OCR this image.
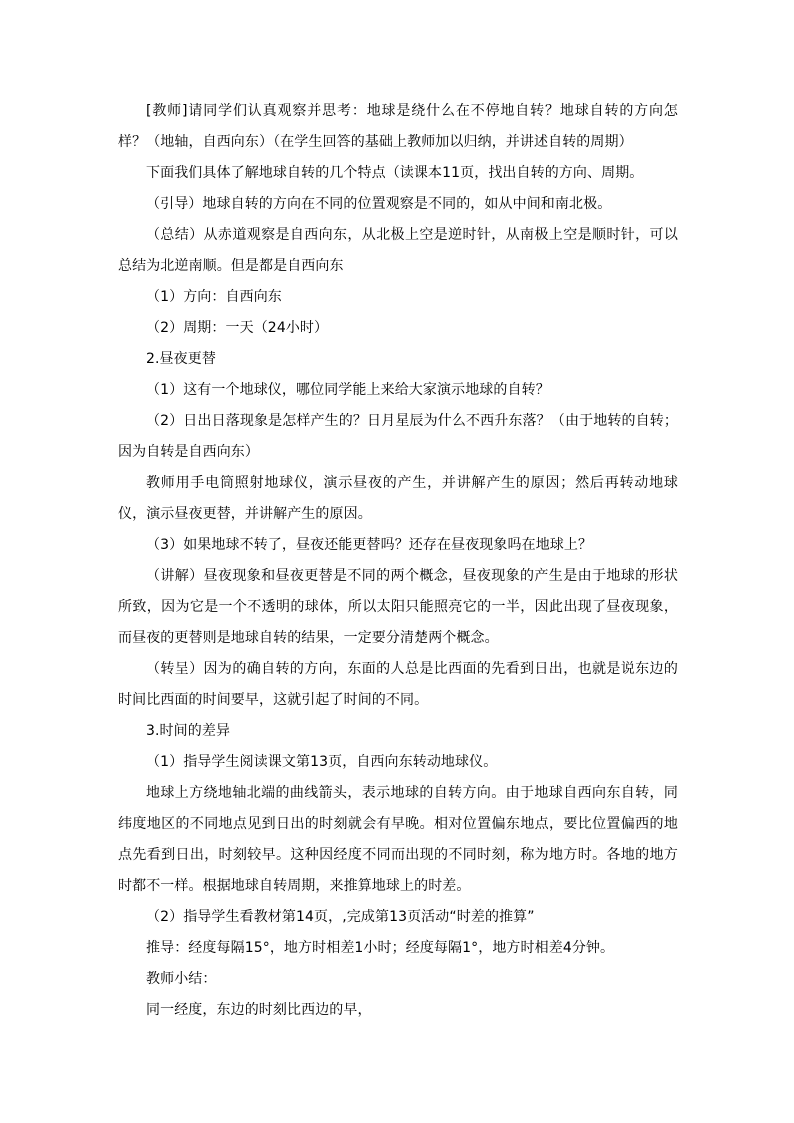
[教师]请同学们认真观察并思考：地球是绕什么在不停地自转？地球自转的方向怎样？（地轴，自西向东）（在学生回答的基础上教师加以归纳，并讲述自转的周期）

下面我们具体了解地球自转的几个特点（读课本11页，找出自转的方向、周期。

（引导）地球自转的方向在不同的位置观察是不同的，如从中间和南北极。

（总结）从赤道观察是自西向东，从北极上空是逆时针，从南极上空是顺时针，可以总结为北逆南顺。但是都是自西向东

（1）方向：自西向东

（2）周期：一天（24小时）

2.昼夜更替

（1）这有一个地球仪，哪位同学能上来给大家演示地球的自转？

（2）日出日落现象是怎样产生的？日月星辰为什么不西升东落？（由于地转的自转；因为自转是自西向东）

教师用手电筒照射地球仪，演示昼夜的产生，并讲解产生的原因；然后再转动地球仪，演示昼夜更替，并讲解产生的原因。

（3）如果地球不转了，昼夜还能更替吗？还存在昼夜现象吗在地球上？

（讲解）昼夜现象和昼夜更替是不同的两个概念，昼夜现象的产生是由于地球的形状所致，因为它是一个不透明的球体，所以太阳只能照亮它的一半，因此出现了昼夜现象，而昼夜的更替则是地球自转的结果，一定要分清楚两个概念。

（转呈）因为的确自转的方向，东面的人总是比西面的先看到日出，也就是说东边的时间比西面的时间要早，这就引起了时间的不同。

3.时间的差异

（1）指导学生阅读课文第13页，自西向东转动地球仪。

地球上方绕地轴北端的曲线箭头，表示地球的自转方向。由于地球自西向东自转，同纬度地区的不同地点见到日出的时刻就会有早晚。相对位置偏东地点，要比位置偏西的地点先看到日出，时刻较早。这种因经度不同而出现的不同时刻，称为地方时。各地的地方时都不一样。根据地球自转周期，来推算地球上的时差。

（2）指导学生看教材第14页，,完成第13页活动“时差的推算”

推导：经度每隔15°，地方时相差1小时；经度每隔1°，地方时相差4分钟。

教师小结：

同一经度，东边的时刻比西边的早，
